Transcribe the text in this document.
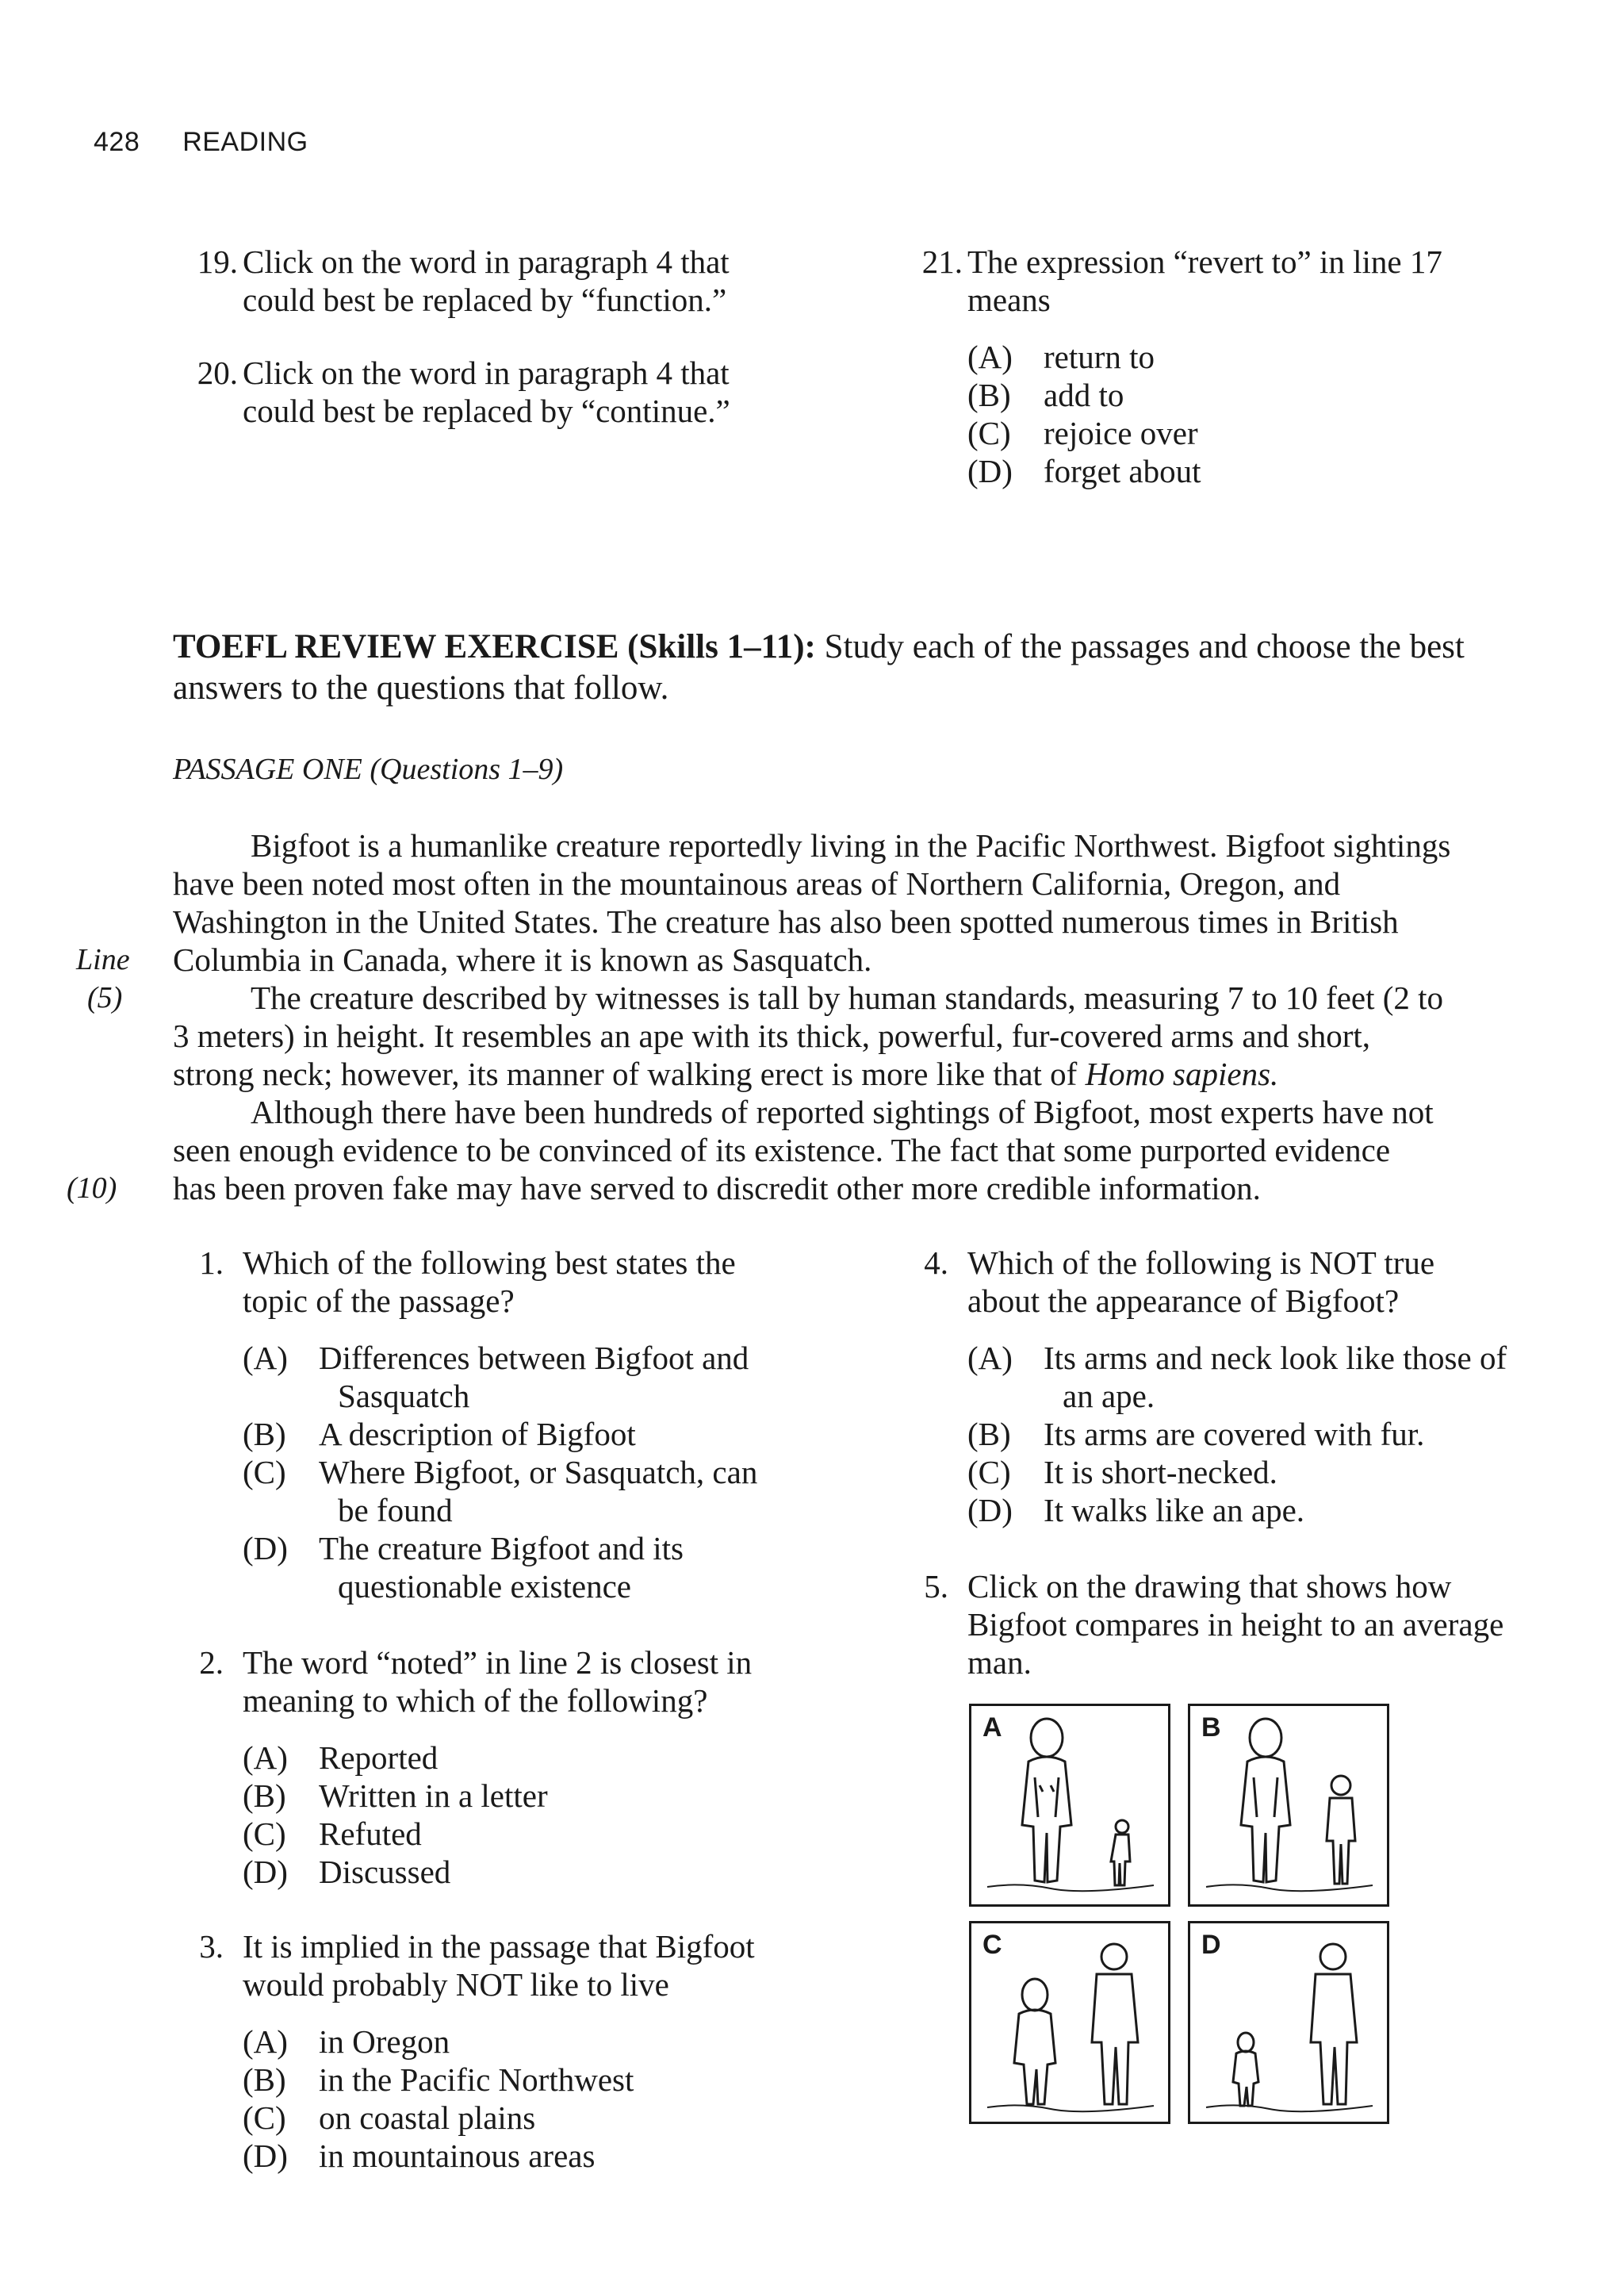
428 READING
19. Click on the word in paragraph 4 that
could best be replaced by “function.”
20. Click on the word in paragraph 4 that
could best be replaced by “continue.”
21. The expression “revert to” in line 17
means
(A) return to
(B) add to
(C) rejoice over
(D) forget about
TOEFL REVIEW EXERCISE (Skills 1–11): Study each of the passages and choose the best
answers to the questions that follow.
PASSAGE ONE (Questions 1–9)
Bigfoot is a humanlike creature reportedly living in the Pacific Northwest. Bigfoot sightings
have been noted most often in the mountainous areas of Northern California, Oregon, and
Washington in the United States. The creature has also been spotted numerous times in British
Columbia in Canada, where it is known as Sasquatch.
The creature described by witnesses is tall by human standards, measuring 7 to 10 feet (2 to
3 meters) in height. It resembles an ape with its thick, powerful, fur-covered arms and short,
strong neck; however, its manner of walking erect is more like that of Homo sapiens.
Although there have been hundreds of reported sightings of Bigfoot, most experts have not
seen enough evidence to be convinced of its existence. The fact that some purported evidence
has been proven fake may have served to discredit other more credible information.
Line
(5)
(10)
1. Which of the following best states the
topic of the passage?
(A) Differences between Bigfoot and
Sasquatch
(B) A description of Bigfoot
(C) Where Bigfoot, or Sasquatch, can
be found
(D) The creature Bigfoot and its
questionable existence
2. The word “noted” in line 2 is closest in
meaning to which of the following?
(A) Reported
(B) Written in a letter
(C) Refuted
(D) Discussed
3. It is implied in the passage that Bigfoot
would probably NOT like to live
(A) in Oregon
(B) in the Pacific Northwest
(C) on coastal plains
(D) in mountainous areas
4. Which of the following is NOT true
about the appearance of Bigfoot?
(A) Its arms and neck look like those of
an ape.
(B) Its arms are covered with fur.
(C) It is short-necked.
(D) It walks like an ape.
5. Click on the drawing that shows how
Bigfoot compares in height to an average
man.
A	B
C	D
